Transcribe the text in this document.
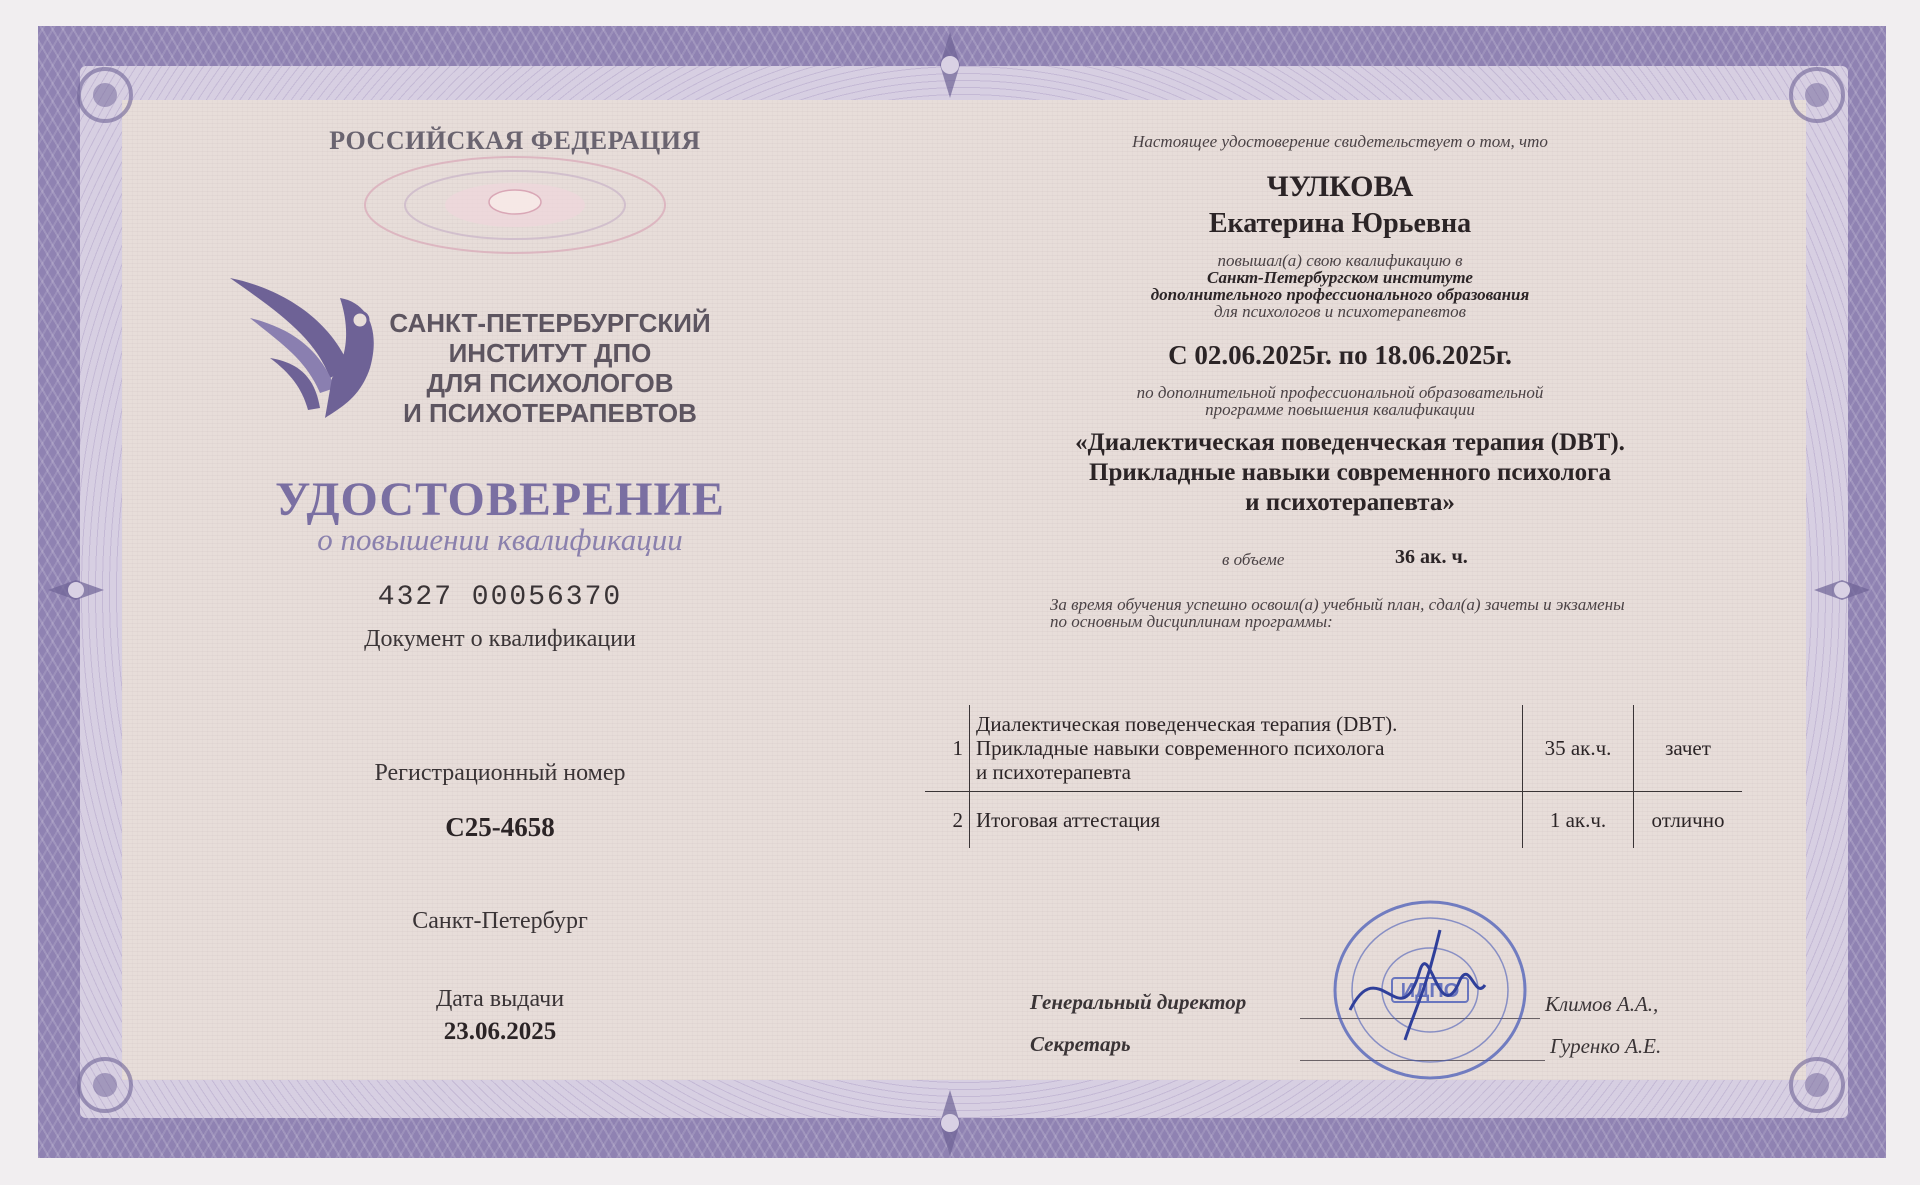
РОССИЙСКАЯ ФЕДЕРАЦИЯ
САНКТ-ПЕТЕРБУРГСКИЙ
ИНСТИТУТ ДПО
ДЛЯ ПСИХОЛОГОВ
И ПСИХОТЕРАПЕВТОВ
УДОСТОВЕРЕНИЕ
о повышении квалификации
4327 00056370
Документ о квалификации
Регистрационный номер
С25-4658
Санкт-Петербург
Дата выдачи
23.06.2025
Настоящее удостоверение свидетельствует о том, что
ЧУЛКОВА
Екатерина Юрьевна
повышал(а) свою квалификацию в
Санкт-Петербургском институте
дополнительного профессионального образования
для психологов и психотерапевтов
С 02.06.2025г. по 18.06.2025г.
по дополнительной профессиональной образовательной
программе повышения квалификации
«Диалектическая поведенческая терапия (DBT).
Прикладные навыки современного психолога
и психотерапевта»
в объеме	36 ак. ч.
За время обучения успешно освоил(а) учебный план, сдал(а) зачеты и экзамены
по основным дисциплинам программы:
1	Диалектическая поведенческая терапия (DBT).
Прикладные навыки современного психолога
и психотерапевта	35 ак.ч.	зачет
2	Итоговая аттестация	1 ак.ч.	отлично
Генеральный директор	Климов А.А.,
Секретарь	Гуренко А.Е.
ИДПО
